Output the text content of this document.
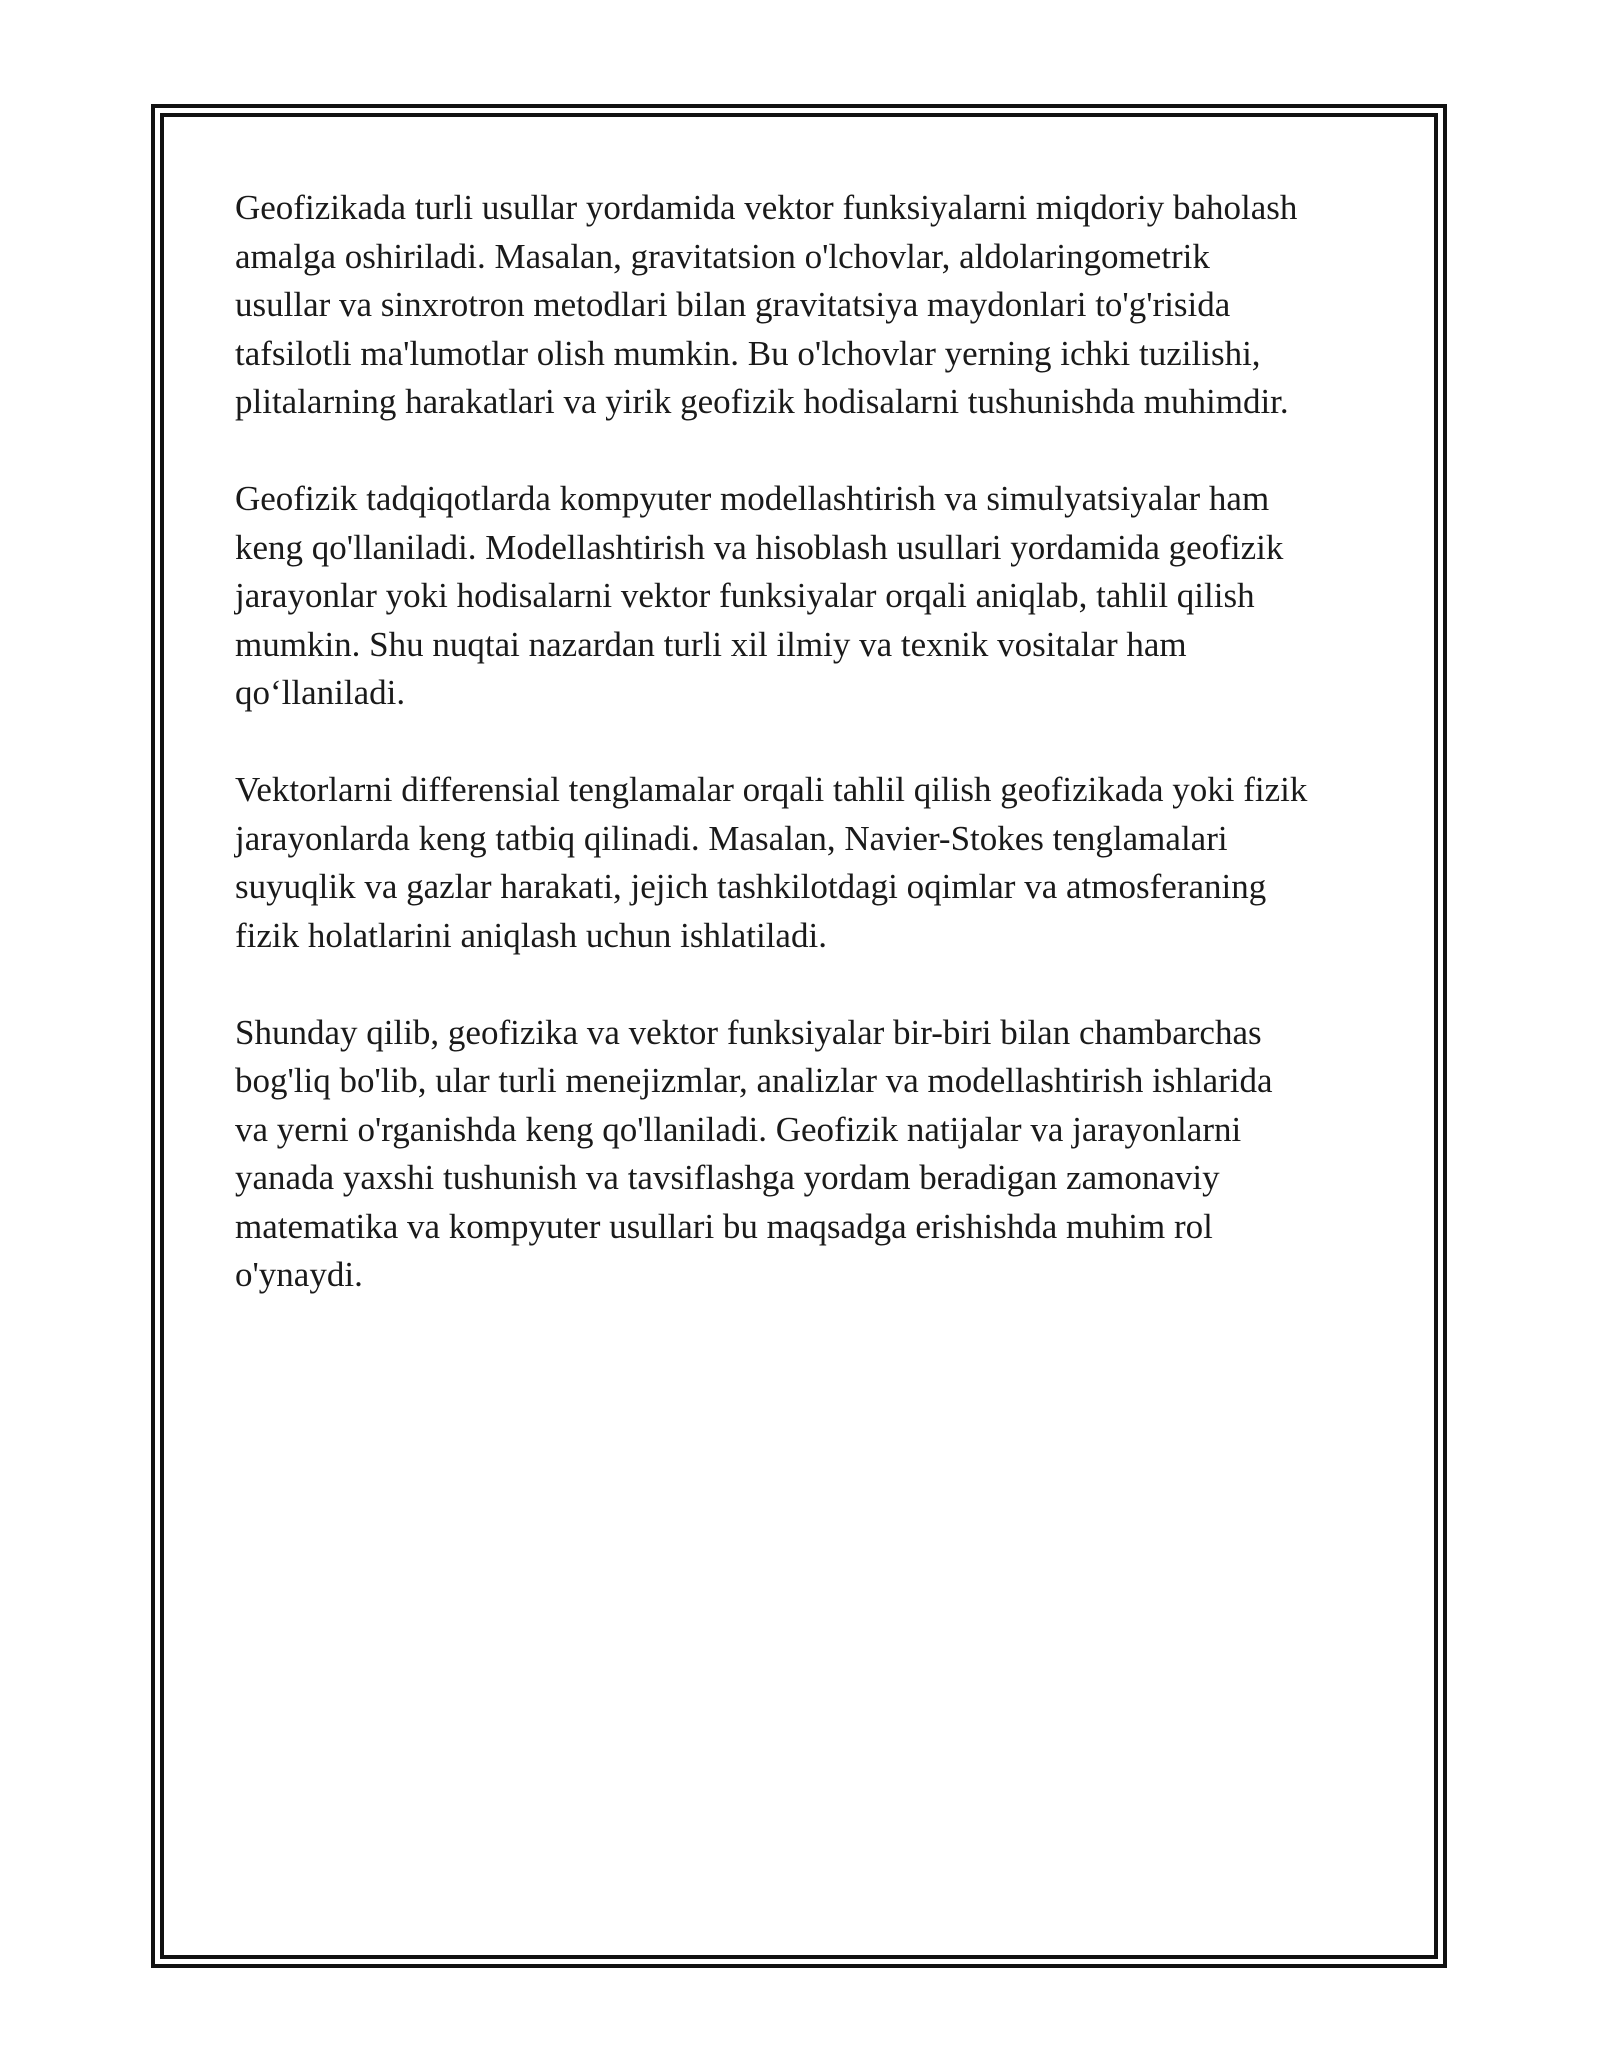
Geofizikada turli usullar yordamida vektor funksiyalarni miqdoriy baholash
amalga oshiriladi. Masalan, gravitatsion o'lchovlar, aldolaringometrik
usullar va sinxrotron metodlari bilan gravitatsiya maydonlari to'g'risida
tafsilotli ma'lumotlar olish mumkin. Bu o'lchovlar yerning ichki tuzilishi,
plitalarning harakatlari va yirik geofizik hodisalarni tushunishda muhimdir.

Geofizik tadqiqotlarda kompyuter modellashtirish va simulyatsiyalar ham
keng qo'llaniladi. Modellashtirish va hisoblash usullari yordamida geofizik
jarayonlar yoki hodisalarni vektor funksiyalar orqali aniqlab, tahlil qilish
mumkin. Shu nuqtai nazardan turli xil ilmiy va texnik vositalar ham
qo‘llaniladi.

Vektorlarni differensial tenglamalar orqali tahlil qilish geofizikada yoki fizik
jarayonlarda keng tatbiq qilinadi. Masalan, Navier-Stokes tenglamalari
suyuqlik va gazlar harakati, jejich tashkilotdagi oqimlar va atmosferaning
fizik holatlarini aniqlash uchun ishlatiladi.

Shunday qilib, geofizika va vektor funksiyalar bir-biri bilan chambarchas
bog'liq bo'lib, ular turli menejizmlar, analizlar va modellashtirish ishlarida
va yerni o'rganishda keng qo'llaniladi. Geofizik natijalar va jarayonlarni
yanada yaxshi tushunish va tavsiflashga yordam beradigan zamonaviy
matematika va kompyuter usullari bu maqsadga erishishda muhim rol
o'ynaydi.
